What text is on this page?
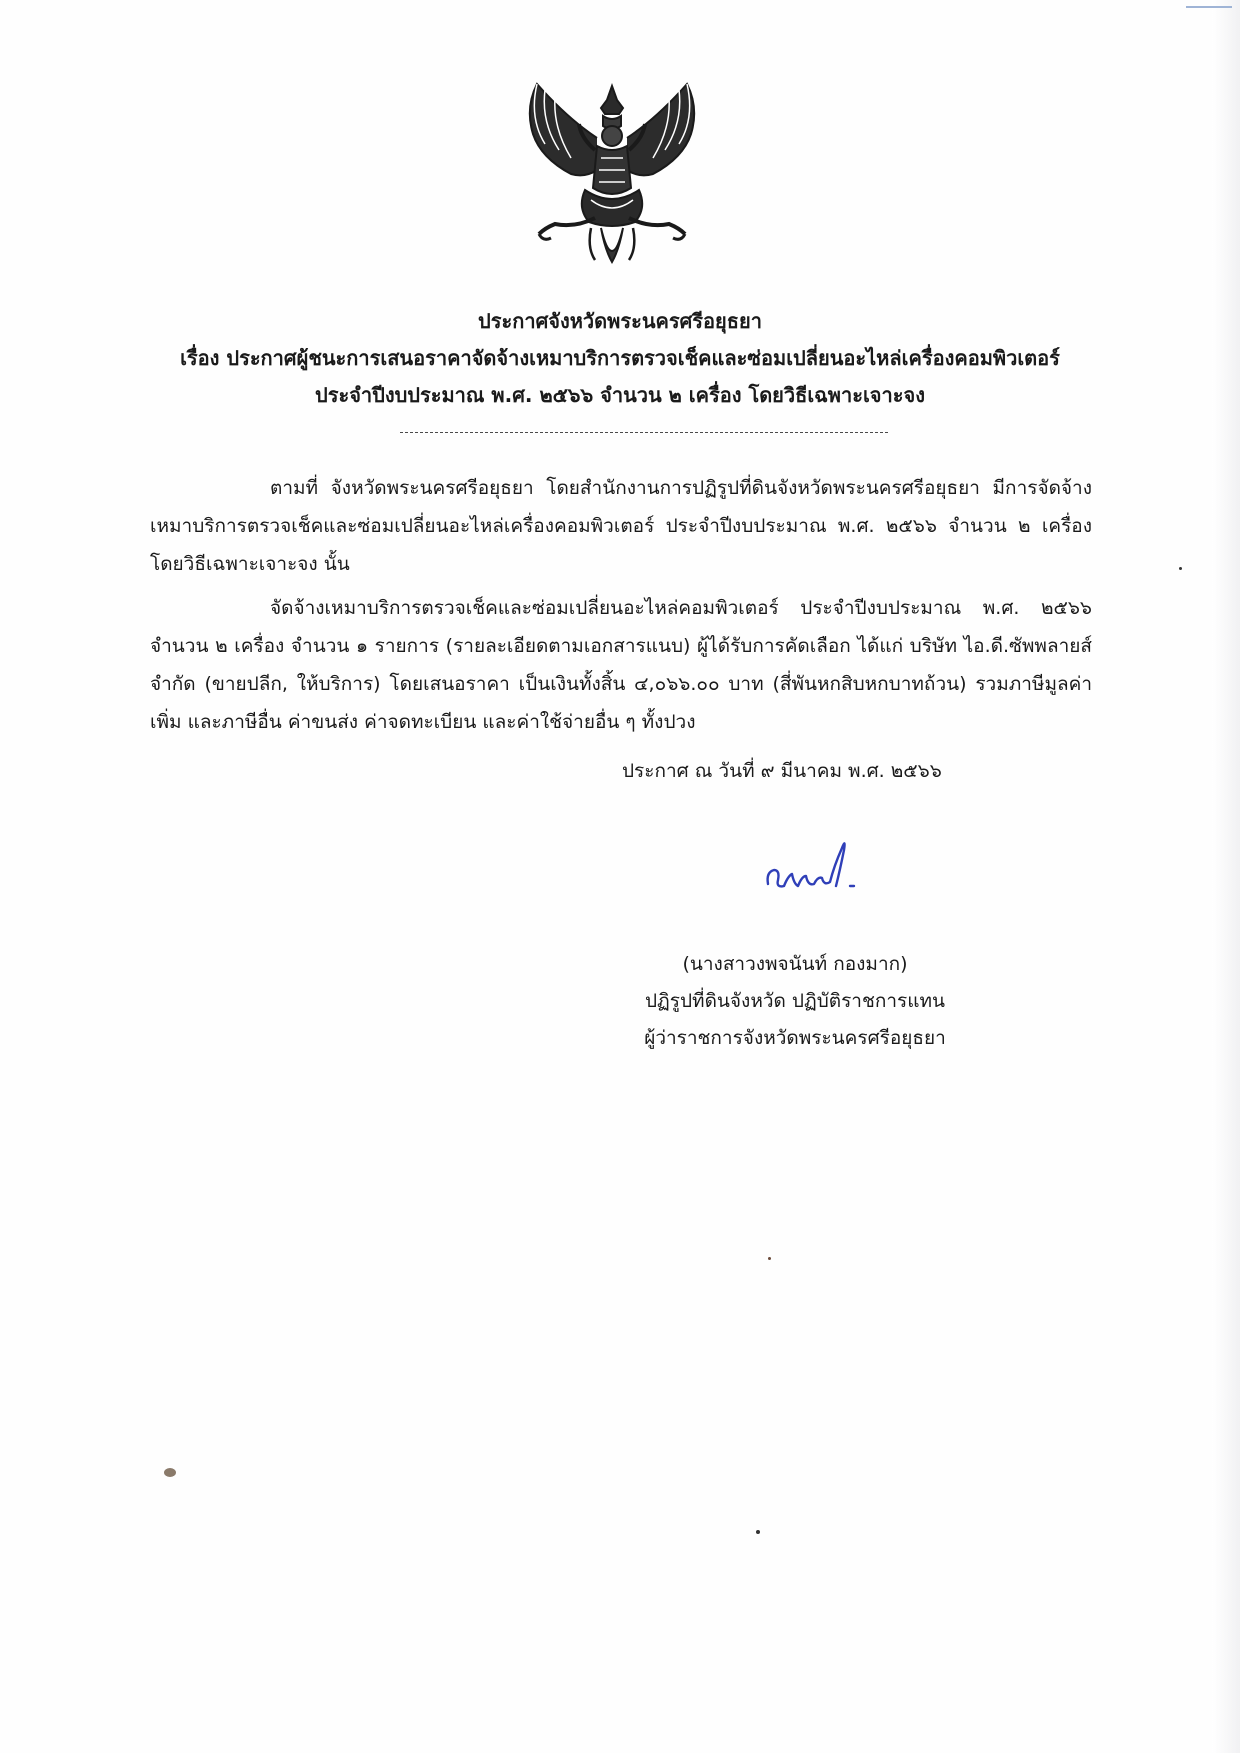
ประกาศจังหวัดพระนครศรีอยุธยา
เรื่อง ประกาศผู้ชนะการเสนอราคาจัดจ้างเหมาบริการตรวจเช็คและซ่อมเปลี่ยนอะไหล่เครื่องคอมพิวเตอร์
ประจำปีงบประมาณ พ.ศ. ๒๕๖๖ จำนวน ๒ เครื่อง โดยวิธีเฉพาะเจาะจง

ตามที่ จังหวัดพระนครศรีอยุธยา โดยสำนักงานการปฏิรูปที่ดินจังหวัดพระนครศรีอยุธยา มีการจัดจ้างเหมาบริการตรวจเช็คและซ่อมเปลี่ยนอะไหล่เครื่องคอมพิวเตอร์ ประจำปีงบประมาณ พ.ศ. ๒๕๖๖ จำนวน ๒ เครื่อง โดยวิธีเฉพาะเจาะจง นั้น

จัดจ้างเหมาบริการตรวจเช็คและซ่อมเปลี่ยนอะไหล่คอมพิวเตอร์ ประจำปีงบประมาณ พ.ศ. ๒๕๖๖ จำนวน ๒ เครื่อง จำนวน ๑ รายการ (รายละเอียดตามเอกสารแนบ) ผู้ได้รับการคัดเลือก ได้แก่ บริษัท ไอ.ดี.ซัพพลายส์ จำกัด (ขายปลีก, ให้บริการ) โดยเสนอราคา เป็นเงินทั้งสิ้น ๔,๐๖๖.๐๐ บาท (สี่พันหกสิบหกบาทถ้วน) รวมภาษีมูลค่าเพิ่ม และภาษีอื่น ค่าขนส่ง ค่าจดทะเบียน และค่าใช้จ่ายอื่น ๆ ทั้งปวง

ประกาศ ณ วันที่ ๙ มีนาคม พ.ศ. ๒๕๖๖
(นางสาวงพจนันท์ กองมาก)
ปฏิรูปที่ดินจังหวัด ปฏิบัติราชการแทน
ผู้ว่าราชการจังหวัดพระนครศรีอยุธยา
